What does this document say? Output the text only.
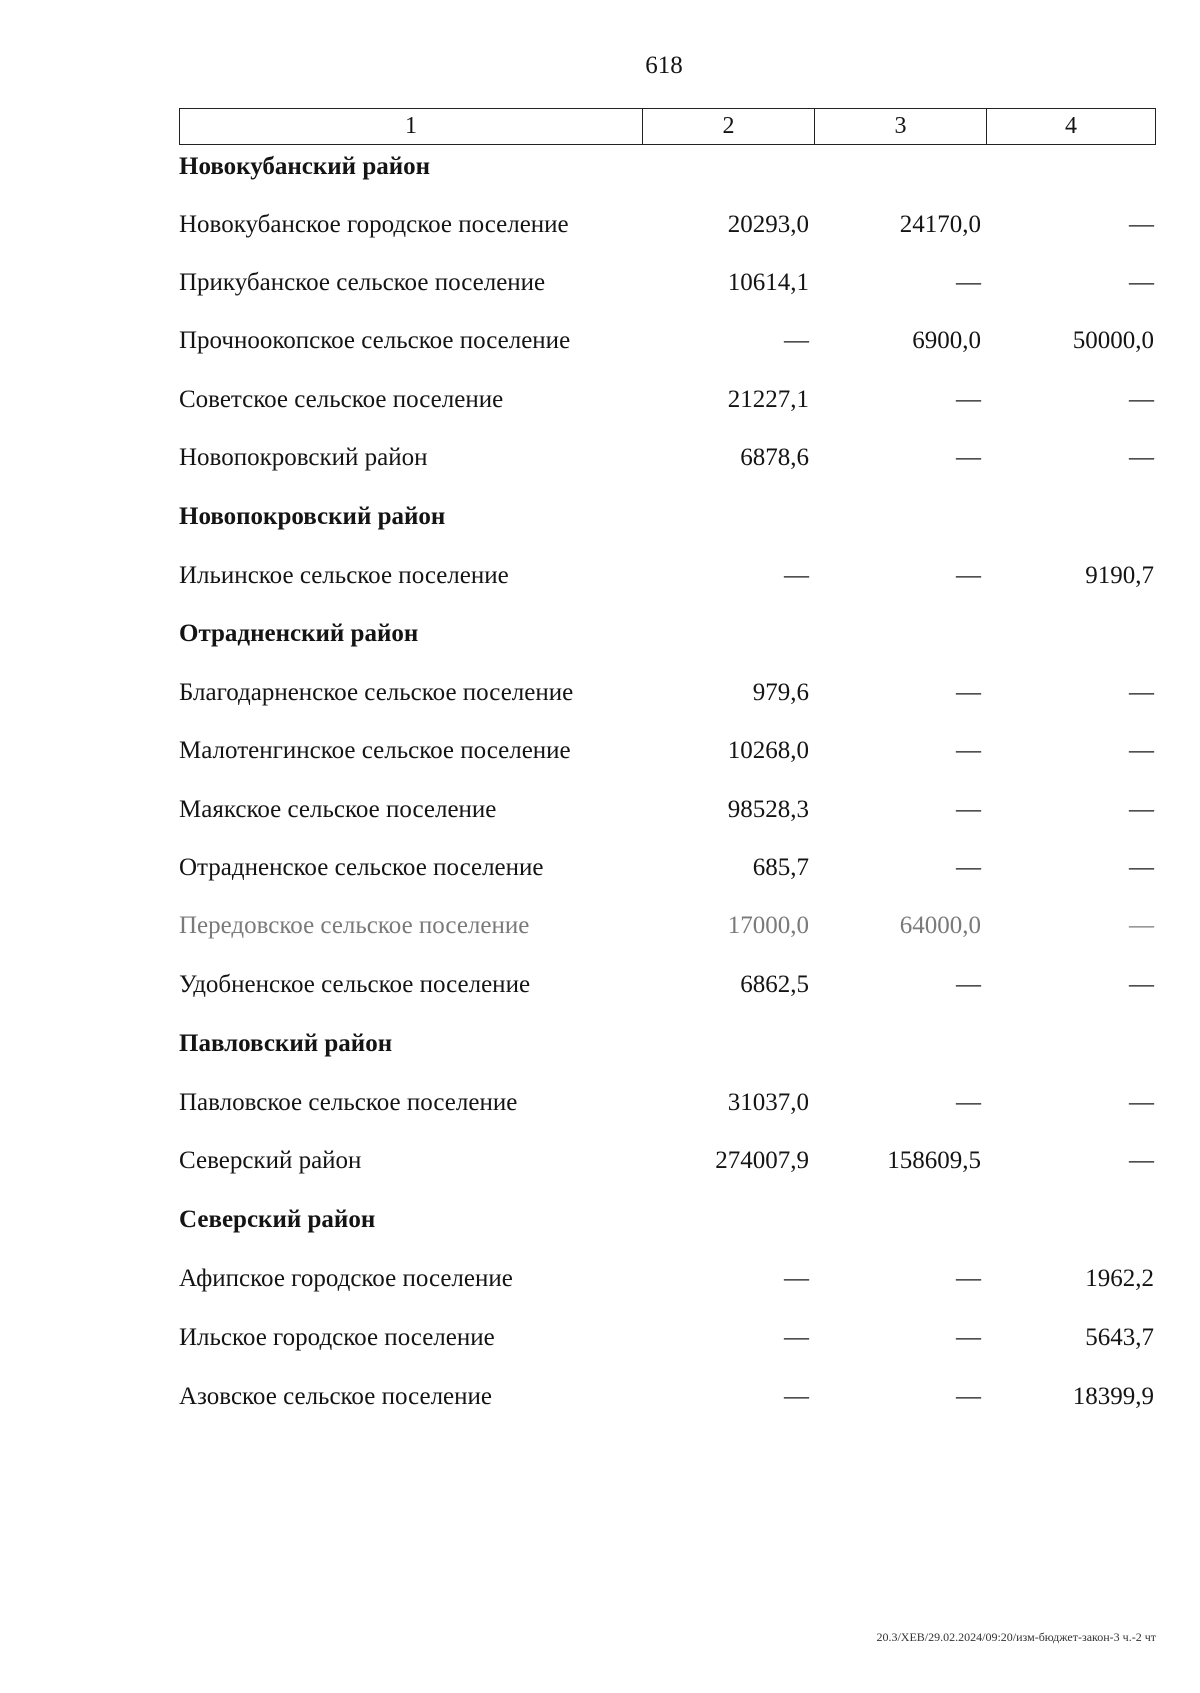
618
1	2	3	4
Новокубанский район
Новокубанское городское поселение	20293,0	24170,0	—
Прикубанское сельское поселение	10614,1	—	—
Прочноокопское сельское поселение	—	6900,0	50000,0
Советское сельское поселение	21227,1	—	—
Новопокровский район	6878,6	—	—
Новопокровский район
Ильинское сельское поселение	—	—	9190,7
Отрадненский район
Благодарненское сельское поселение	979,6	—	—
Малотенгинское сельское поселение	10268,0	—	—
Маякское сельское поселение	98528,3	—	—
Отрадненское сельское поселение	685,7	—	—
Передовское сельское поселение	17000,0	64000,0	—
Удобненское сельское поселение	6862,5	—	—
Павловский район
Павловское сельское поселение	31037,0	—	—
Северский район	274007,9	158609,5	—
Северский район
Афипское городское поселение	—	—	1962,2
Ильское городское поселение	—	—	5643,7
Азовское сельское поселение	—	—	18399,9
20.3/ХЕВ/29.02.2024/09:20/изм-бюджет-закон-3 ч.-2 чт
